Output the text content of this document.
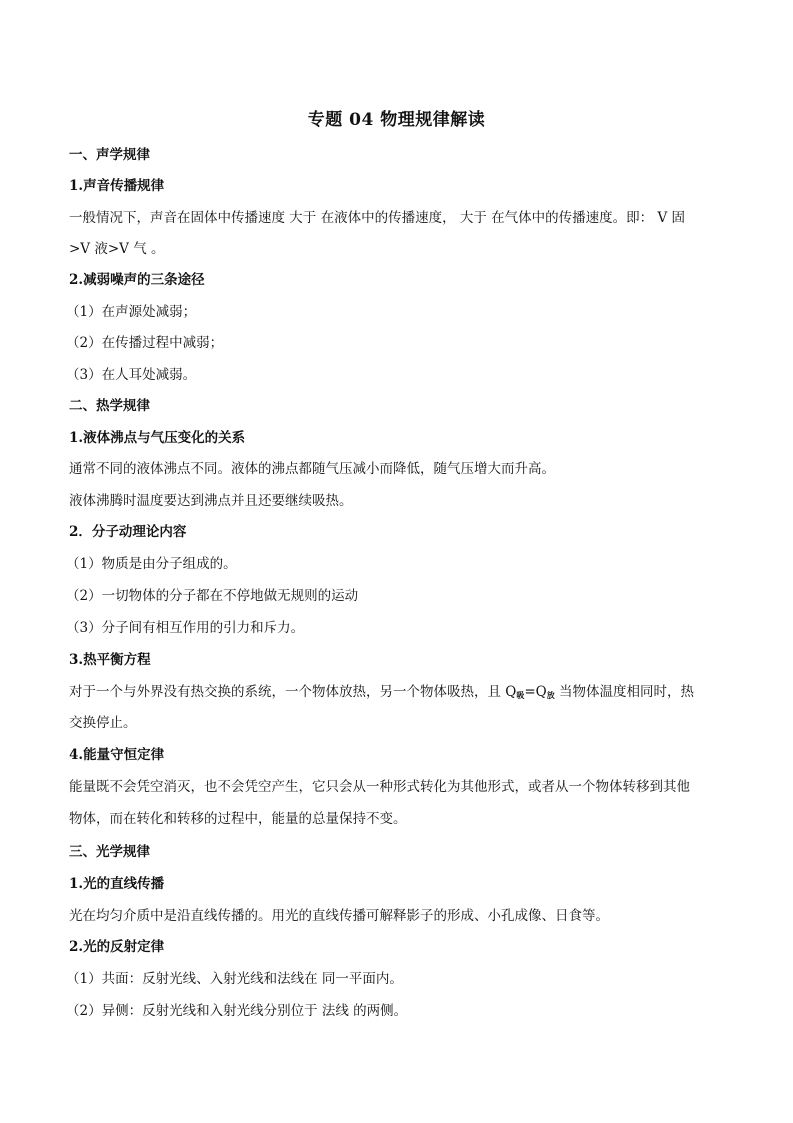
专题 04 物理规律解读
一、声学规律
1.声音传播规律
一般情况下，声音在固体中传播速度 大于 在液体中的传播速度， 大于 在气体中的传播速度。即： V 固
>V 液>V 气 。
2.减弱噪声的三条途径
（1）在声源处减弱；
（2）在传播过程中减弱；
（3）在人耳处减弱。
二、热学规律
1.液体沸点与气压变化的关系
通常不同的液体沸点不同。液体的沸点都随气压减小而降低，随气压增大而升高。
液体沸腾时温度要达到沸点并且还要继续吸热。
2．分子动理论内容
（1）物质是由分子组成的。
（2）一切物体的分子都在不停地做无规则的运动
（3）分子间有相互作用的引力和斥力。
3.热平衡方程
对于一个与外界没有热交换的系统，一个物体放热，另一个物体吸热，且 $Q_吸=Q_放$ 当物体温度相同时，热
交换停止。
4.能量守恒定律
能量既不会凭空消灭，也不会凭空产生，它只会从一种形式转化为其他形式，或者从一个物体转移到其他
物体，而在转化和转移的过程中，能量的总量保持不变。
三、光学规律
1.光的直线传播
光在均匀介质中是沿直线传播的。用光的直线传播可解释影子的形成、小孔成像、日食等。
2.光的反射定律
（1）共面：反射光线、入射光线和法线在 同一平面内。
（2）异侧：反射光线和入射光线分别位于 法线 的两侧。
